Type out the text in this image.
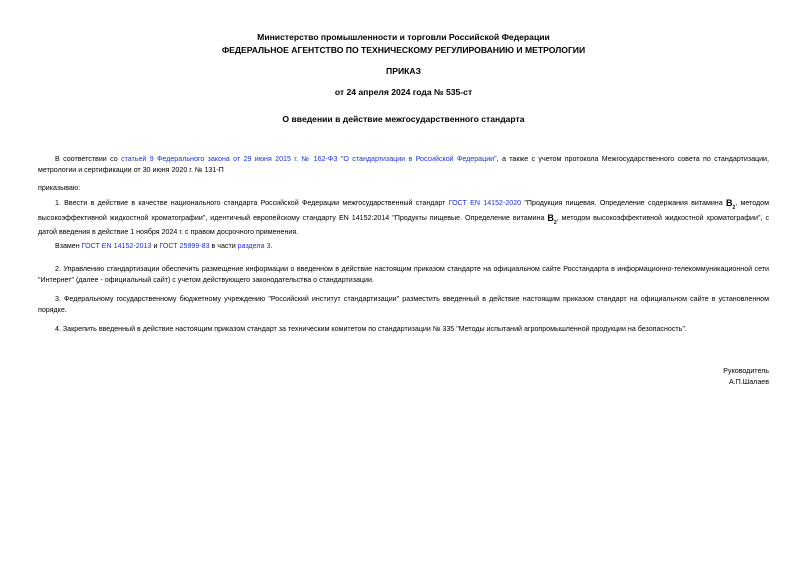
Министерство промышленности и торговли Российской Федерации
ФЕДЕРАЛЬНОЕ АГЕНТСТВО ПО ТЕХНИЧЕСКОМУ РЕГУЛИРОВАНИЮ И МЕТРОЛОГИИ
ПРИКАЗ
от 24 апреля 2024 года № 535-ст
О введении в действие межгосударственного стандарта

В соответствии со статьей 9 Федерального закона от 29 июня 2015 г. № 162-ФЗ "О стандартизации в Российской Федерации", а также с учетом протокола Межгосударственного совета по стандартизации, метрологии и сертификации от 30 июня 2020 г. № 131-П

приказываю:

1. Ввести в действие в качестве национального стандарта Российской Федерации межгосударственный стандарт ГОСТ EN 14152-2020 "Продукция пищевая. Определение содержания витамина $B_2$, методом высокоэффективной жидкостной хроматографии", идентичный европейскому стандарту EN 14152:2014 "Продукты пищевые. Определение витамина $B_2$, методом высокоэффективной жидкостной хроматографии", с датой введения в действие 1 ноября 2024 г. с правом досрочного применения.

Взамен ГОСТ EN 14152-2013 и ГОСТ 25999-83 в части раздела 3.

2. Управлению стандартизации обеспечить размещение информации о введенном в действие настоящим приказом стандарте на официальном сайте Росстандарта в информационно-телекоммуникационной сети "Интернет" (далее - официальный сайт) с учетом действующего законодательства о стандартизации.

3. Федеральному государственному бюджетному учреждению "Российский институт стандартизации" разместить введенный в действие настоящим приказом стандарт на официальном сайте в установленном порядке.

4. Закрепить введенный в действие настоящим приказом стандарт за техническим комитетом по стандартизации № 335 "Методы испытаний агропромышленной продукции на безопасность".

Руководитель
А.П.Шалаев
